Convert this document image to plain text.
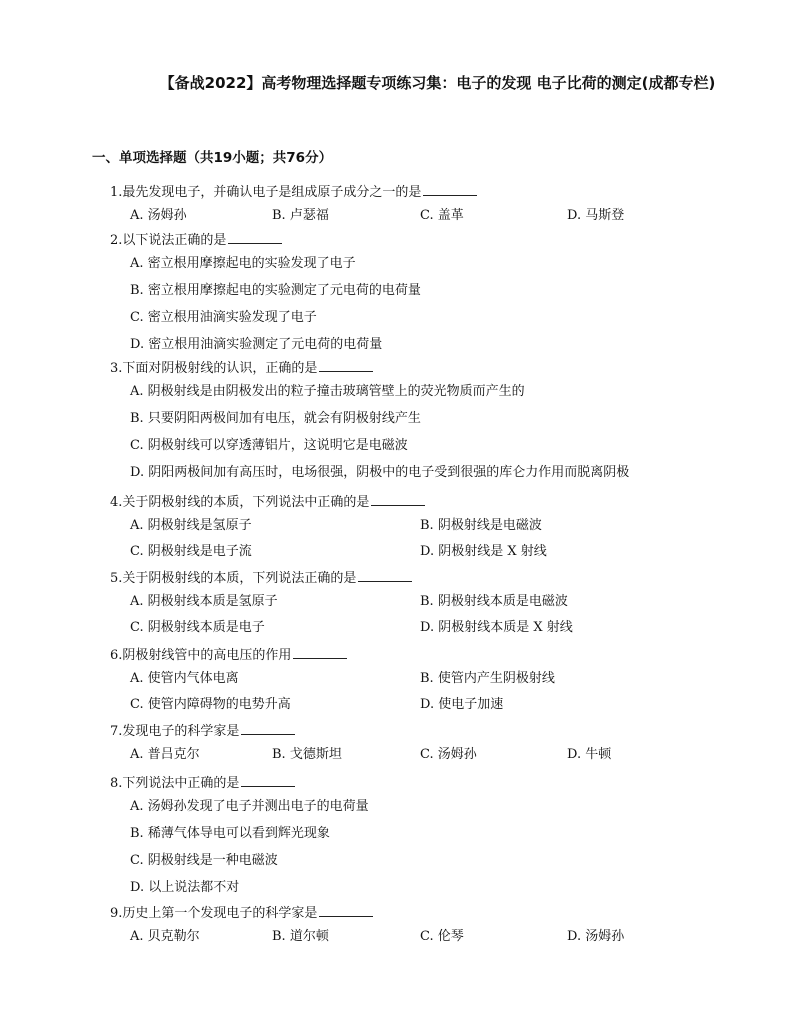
【备战2022】高考物理选择题专项练习集：电子的发现 电子比荷的测定(成都专栏)
一、单项选择题（共19小题；共76分）
1.最先发现电子，并确认电子是组成原子成分之一的是
A. 汤姆孙	B. 卢瑟福	C. 盖革	D. 马斯登
2.以下说法正确的是
A. 密立根用摩擦起电的实验发现了电子
B. 密立根用摩擦起电的实验测定了元电荷的电荷量
C. 密立根用油滴实验发现了电子
D. 密立根用油滴实验测定了元电荷的电荷量
3.下面对阴极射线的认识，正确的是
A. 阴极射线是由阴极发出的粒子撞击玻璃管壁上的荧光物质而产生的
B. 只要阴阳两极间加有电压，就会有阴极射线产生
C. 阴极射线可以穿透薄铝片，这说明它是电磁波
D. 阴阳两极间加有高压时，电场很强，阴极中的电子受到很强的库仑力作用而脱离阴极
4.关于阴极射线的本质，下列说法中正确的是
A. 阴极射线是氢原子	B. 阴极射线是电磁波
C. 阴极射线是电子流	D. 阴极射线是 X 射线
5.关于阴极射线的本质，下列说法正确的是
A. 阴极射线本质是氢原子	B. 阴极射线本质是电磁波
C. 阴极射线本质是电子	D. 阴极射线本质是 X 射线
6.阴极射线管中的高电压的作用
A. 使管内气体电离	B. 使管内产生阴极射线
C. 使管内障碍物的电势升高	D. 使电子加速
7.发现电子的科学家是
A. 普吕克尔	B. 戈德斯坦	C. 汤姆孙	D. 牛顿
8.下列说法中正确的是
A. 汤姆孙发现了电子并测出电子的电荷量
B. 稀薄气体导电可以看到辉光现象
C. 阴极射线是一种电磁波
D. 以上说法都不对
9.历史上第一个发现电子的科学家是
A. 贝克勒尔	B. 道尔顿	C. 伦琴	D. 汤姆孙
